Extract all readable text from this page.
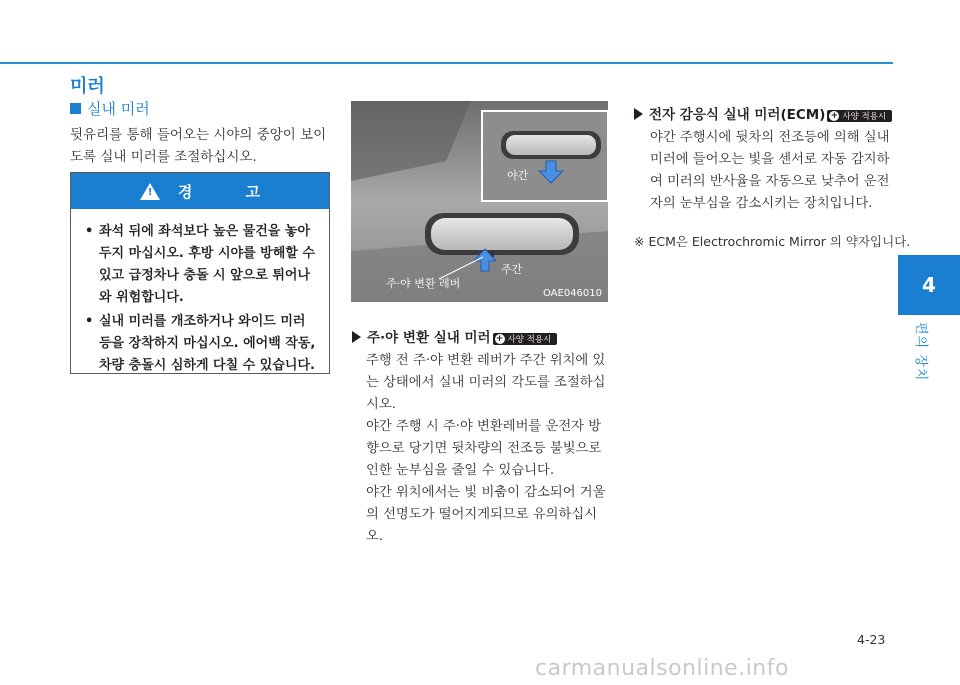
미러
실내 미러
뒷유리를 통해 들어오는 시야의 중앙이 보이도록 실내 미러를 조절하십시오.
! 경 고
• 좌석 뒤에 좌석보다 높은 물건을 놓아두지 마십시오. 후방 시야를 방해할 수 있고 급정차나 충돌 시 앞으로 튀어나와 위험합니다.
• 실내 미러를 개조하거나 와이드 미러 등을 장착하지 마십시오. 에어백 작동, 차량 충돌시 심하게 다칠 수 있습니다.
야간
주간
주·야 변환 레버
OAE046010
주·야 변환 실내 미러 + 사양 적용시
주행 전 주·야 변환 레버가 주간 위치에 있는 상태에서 실내 미러의 각도를 조절하십시오.
야간 주행 시 주·야 변환레버를 운전자 방향으로 당기면 뒷차량의 전조등 불빛으로 인한 눈부심을 줄일 수 있습니다.
야간 위치에서는 빛 비춤이 감소되어 거울의 선명도가 떨어지게되므로 유의하십시오.
전자 감응식 실내 미러(ECM) + 사양 적용시
야간 주행시에 뒷차의 전조등에 의해 실내 미러에 들어오는 빛을 센서로 자동 감지하여 미러의 반사율을 자동으로 낮추어 운전자의 눈부심을 감소시키는 장치입니다.
※ ECM은 Electrochromic Mirror 의 약자입니다.
4
편의 장치
4-23
carmanualsonline.info
